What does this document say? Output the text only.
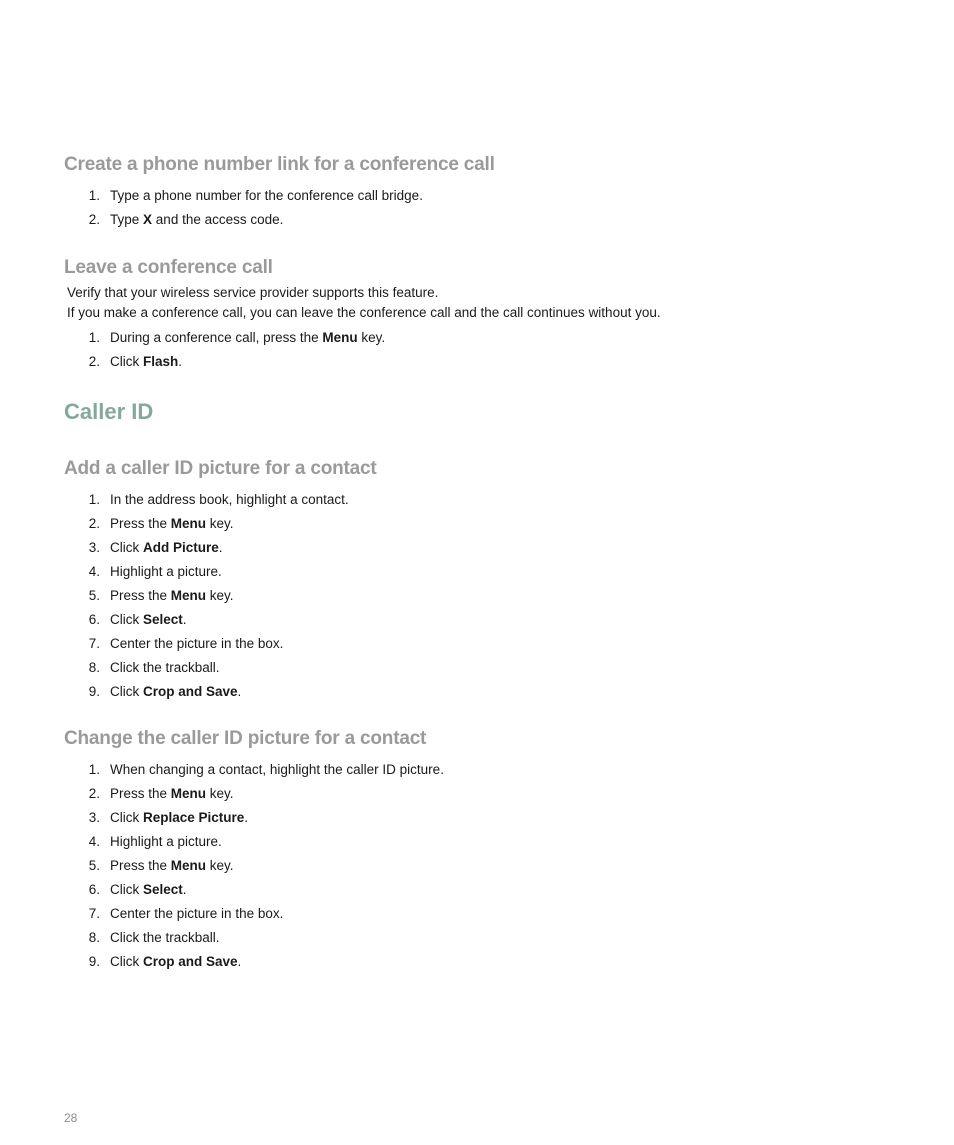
Create a phone number link for a conference call
1. Type a phone number for the conference call bridge.
2. Type X and the access code.
Leave a conference call

Verify that your wireless service provider supports this feature.

If you make a conference call, you can leave the conference call and the call continues without you.

1. During a conference call, press the Menu key.
2. Click Flash.
Caller ID
Add a caller ID picture for a contact
1. In the address book, highlight a contact.
2. Press the Menu key.
3. Click Add Picture.
4. Highlight a picture.
5. Press the Menu key.
6. Click Select.
7. Center the picture in the box.
8. Click the trackball.
9. Click Crop and Save.
Change the caller ID picture for a contact
1. When changing a contact, highlight the caller ID picture.
2. Press the Menu key.
3. Click Replace Picture.
4. Highlight a picture.
5. Press the Menu key.
6. Click Select.
7. Center the picture in the box.
8. Click the trackball.
9. Click Crop and Save.
28
